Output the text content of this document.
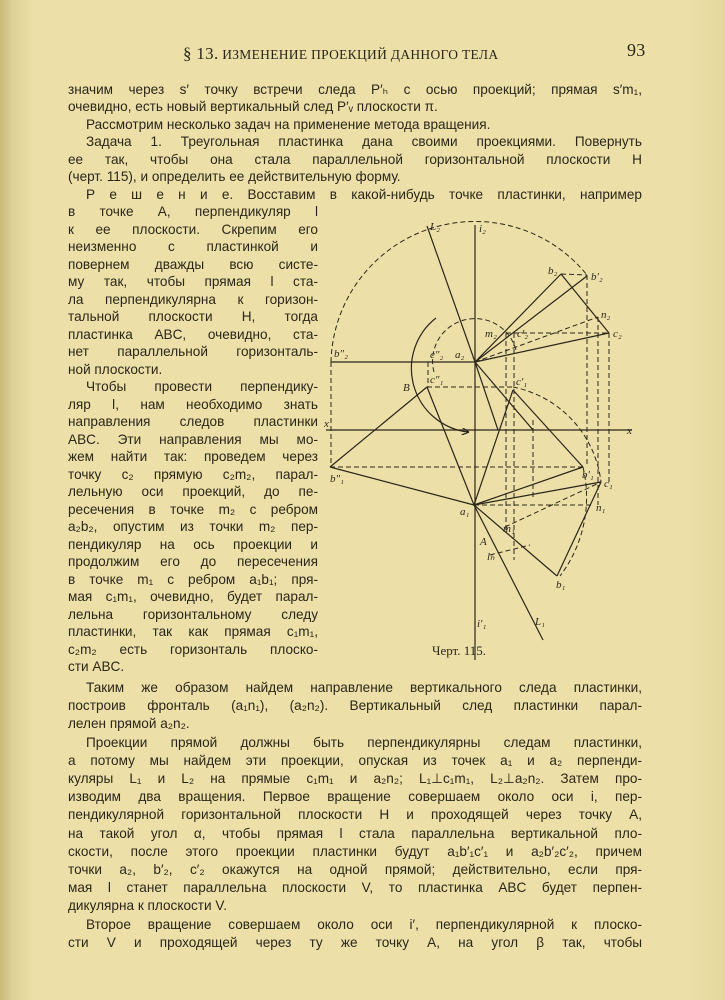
§ 13. ИЗМЕНЕНИЕ ПРОЕКЦИЙ ДАННОГО ТЕЛА	93
значим через s′ точку встречи следа P′ₕ с осью проекций; прямая s′m₁,
очевидно, есть новый вертикальный след P′ᵥ плоскости π.
Рассмотрим несколько задач на применение метода вращения.
Задача 1. Треугольная пластинка дана своими проекциями. Повернуть
ее так, чтобы она стала параллельной горизонтальной плоскости H
(черт. 115), и определить ее действительную форму.
Р е ш е н и е. Восставим в какой-нибудь точке пластинки, например
в точке A, перпендикуляр l
к ее плоскости. Скрепим его
неизменно с пластинкой и
повернем дважды всю систе-
му так, чтобы прямая l ста-
ла перпендикулярна к горизон-
тальной плоскости H, тогда
пластинка ABC, очевидно, ста-
нет параллельной горизонталь-
ной плоскости.
Чтобы провести перпендику-
ляр l, нам необходимо знать
направления следов пластинки
ABC. Эти направления мы мо-
жем найти так: проведем через
точку c₂ прямую c₂m₂, парал-
лельную оси проекций, до пе-
ресечения в точке m₂ с ребром
a₂b₂, опустим из точки m₂ пер-
пендикуляр на ось проекции и
продолжим его до пересечения
в точке m₁ с ребром a₁b₁; пря-
мая c₁m₁, очевидно, будет парал-
лельна горизонтальному следу
пластинки, так как прямая c₁m₁,
c₂m₂ есть горизонталь плоско-
сти ABC.
Таким же образом найдем направление вертикального следа пластинки,
построив фронталь (a₁n₁), (a₂n₂). Вертикальный след пластинки парал-
лелен прямой a₂n₂.
Проекции прямой должны быть перпендикулярны следам пластинки,
а потому мы найдем эти проекции, опуская из точек a₁ и a₂ перпенди-
куляры L₁ и L₂ на прямые c₁m₁ и a₂n₂; L₁⊥c₁m₁, L₂⊥a₂n₂. Затем про-
изводим два вращения. Первое вращение совершаем около оси i, пер-
пендикулярной горизонтальной плоскости H и проходящей через точку A,
на такой угол α, чтобы прямая l стала параллельна вертикальной пло-
скости, после этого проекции пластинки будут a₁b′₁c′₁ и a₂b′₂c′₂, причем
точки a₂, b′₂, c′₂ окажутся на одной прямой; действительно, если пря-
мая l станет параллельна плоскости V, то пластинка ABC будет перпен-
дикулярна к плоскости V.
Второе вращение совершаем около оси i′, перпендикулярной к плоско-
сти V и проходящей через ту же точку A, на угол β так, чтобы
L₂	i₂
b₂	b′₂
n₂
c₂
m₂ c′₂
b″₂	c″₂ a₂
B
c″₁	c′₁
x
x
b″₁	b′₁
c₁
a₁	n₁
m₁
A
lₕ
b₁
i′₁	L₁
Черт. 115.
